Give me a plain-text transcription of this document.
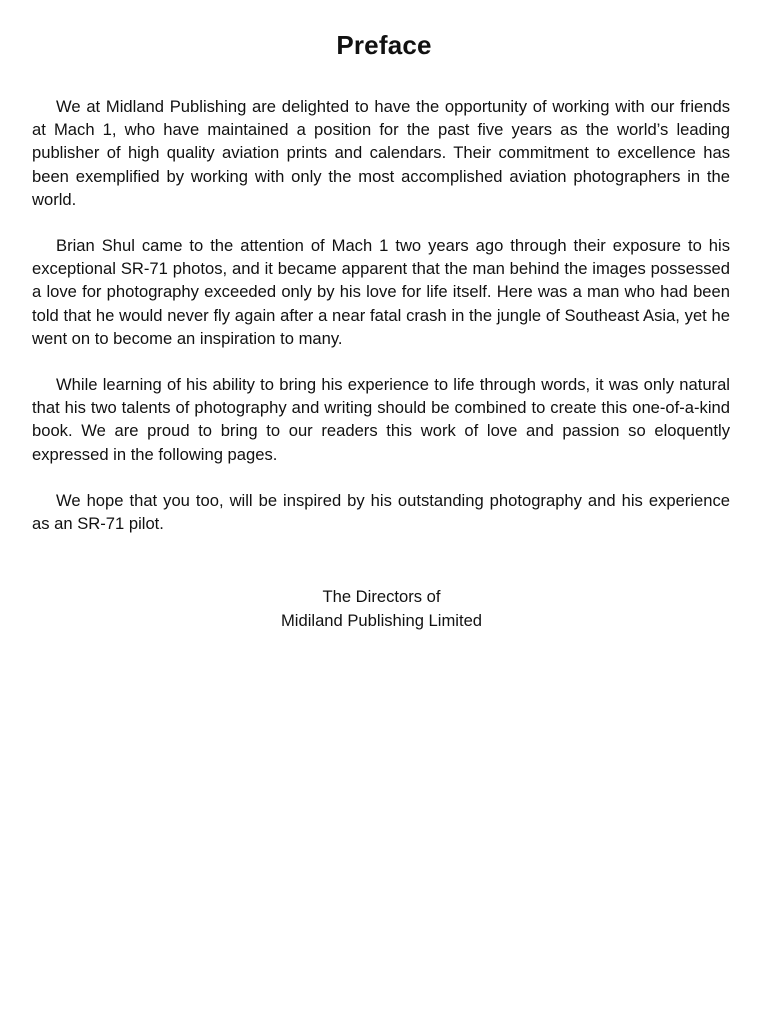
Preface

We at Midland Publishing are delighted to have the opportunity of working with our friends at Mach 1, who have maintained a position for the past five years as the world’s leading publisher of high quality aviation prints and calendars. Their commitment to excellence has been exemplified by working with only the most accomplished aviation photographers in the world.

Brian Shul came to the attention of Mach 1 two years ago through their exposure to his exceptional SR-71 photos, and it became apparent that the man behind the images possessed a love for photography exceeded only by his love for life itself. Here was a man who had been told that he would never fly again after a near fatal crash in the jungle of Southeast Asia, yet he went on to become an inspiration to many.

While learning of his ability to bring his experience to life through words, it was only natural that his two talents of photography and writing should be combined to create this one-of-a-kind book. We are proud to bring to our readers this work of love and passion so eloquently expressed in the following pages.

We hope that you too, will be inspired by his outstanding photography and his experience as an SR-71 pilot.

The Directors of
Midiland Publishing Limited
